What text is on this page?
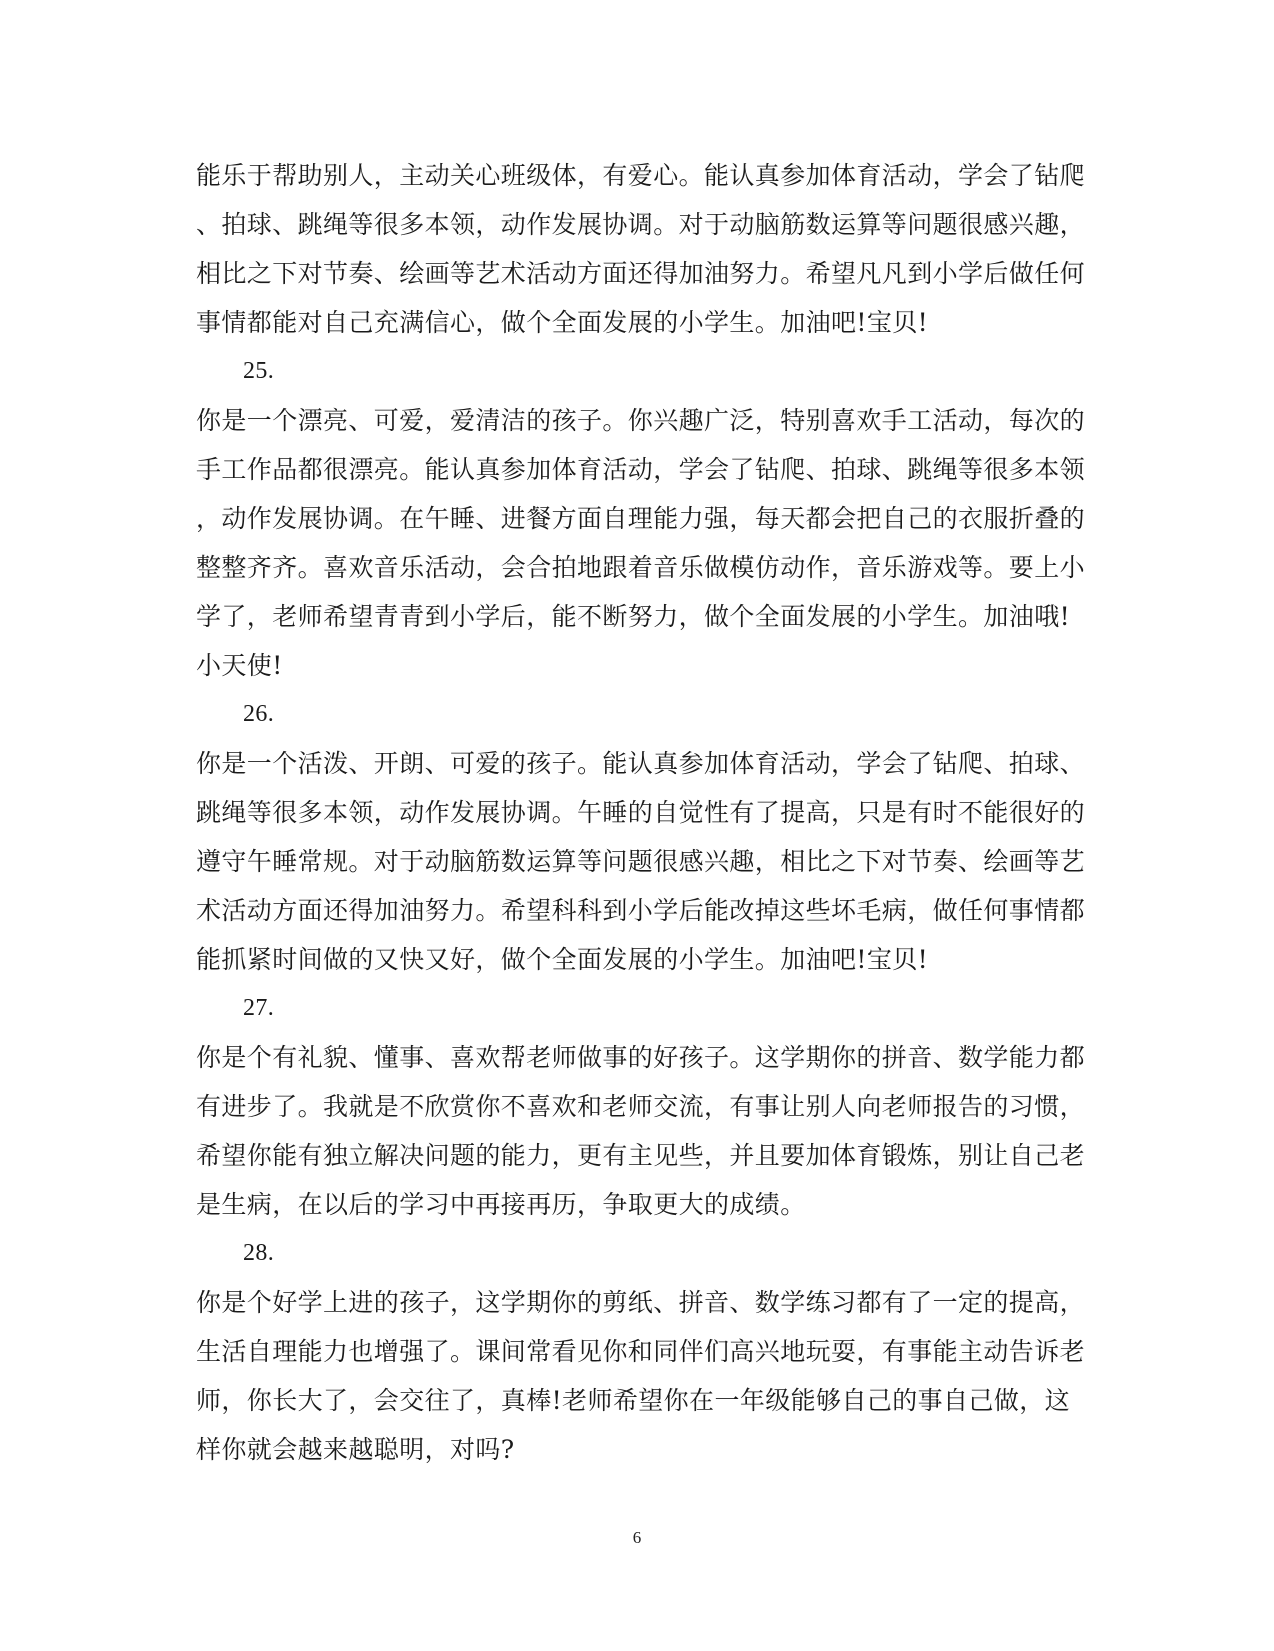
能乐于帮助别人，主动关心班级体，有爱心。能认真参加体育活动，学会了钻爬
、拍球、跳绳等很多本领，动作发展协调。对于动脑筋数运算等问题很感兴趣，
相比之下对节奏、绘画等艺术活动方面还得加油努力。希望凡凡到小学后做任何
事情都能对自己充满信心，做个全面发展的小学生。加油吧!宝贝!
25.
你是一个漂亮、可爱，爱清洁的孩子。你兴趣广泛，特别喜欢手工活动，每次的
手工作品都很漂亮。能认真参加体育活动，学会了钻爬、拍球、跳绳等很多本领
，动作发展协调。在午睡、进餐方面自理能力强，每天都会把自己的衣服折叠的
整整齐齐。喜欢音乐活动，会合拍地跟着音乐做模仿动作，音乐游戏等。要上小
学了，老师希望青青到小学后，能不断努力，做个全面发展的小学生。加油哦!
小天使!
26.
你是一个活泼、开朗、可爱的孩子。能认真参加体育活动，学会了钻爬、拍球、
跳绳等很多本领，动作发展协调。午睡的自觉性有了提高，只是有时不能很好的
遵守午睡常规。对于动脑筋数运算等问题很感兴趣，相比之下对节奏、绘画等艺
术活动方面还得加油努力。希望科科到小学后能改掉这些坏毛病，做任何事情都
能抓紧时间做的又快又好，做个全面发展的小学生。加油吧!宝贝!
27.
你是个有礼貌、懂事、喜欢帮老师做事的好孩子。这学期你的拼音、数学能力都
有进步了。我就是不欣赏你不喜欢和老师交流，有事让别人向老师报告的习惯，
希望你能有独立解决问题的能力，更有主见些，并且要加体育锻炼，别让自己老
是生病，在以后的学习中再接再历，争取更大的成绩。
28.
你是个好学上进的孩子，这学期你的剪纸、拼音、数学练习都有了一定的提高，
生活自理能力也增强了。课间常看见你和同伴们高兴地玩耍，有事能主动告诉老
师，你长大了，会交往了，真棒!老师希望你在一年级能够自己的事自己做，这
样你就会越来越聪明，对吗?
6
